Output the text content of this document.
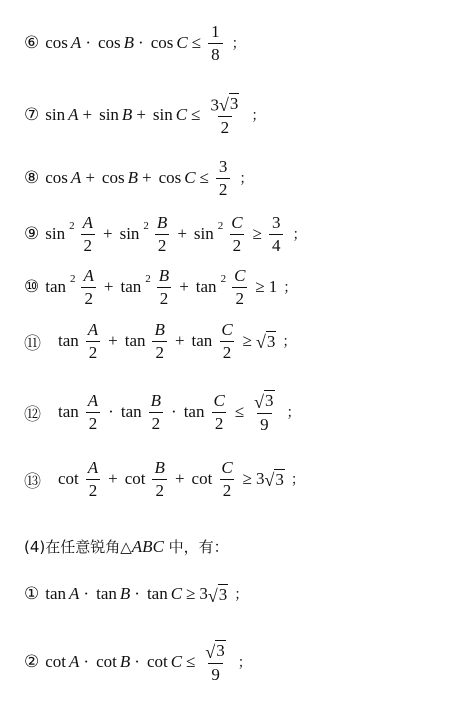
⑥ $\cos A \cdot \cos B \cdot \cos C \le \frac{1}{8}$ ；
⑦ $\sin A + \sin B + \sin C \le \frac{3 √ 3}{2}$ ；
⑧ $\cos A + \cos B + \cos C \le \frac{3}{2}$ ；
⑨ $\sin 2 \frac{A}{2} + \sin 2 \frac{B}{2} + \sin 2 \frac{C}{2} \ge \frac{3}{4}$ ；
⑩ $\tan 2 \frac{A}{2} + \tan 2 \frac{B}{2} + \tan 2 \frac{C}{2} \ge 1$ ；
⑪ $\tan \frac{A}{2} + \tan \frac{B}{2} + \tan \frac{C}{2}$ ≥ √ 3 ；
⑫ $\tan \frac{A}{2} \cdot \tan \frac{B}{2} \cdot \tan \frac{C}{2} \le \frac{√ 3}{9}$ ；
⑬ $\cot \frac{A}{2} + \cot \frac{B}{2} + \cot \frac{C}{2} \ge 3$ √ 3 ；
(4)在任意锐角△ABC 中，有：
① tan A · tan B · tan C ≥ 3 √ 3 ；
② $\cot A \cdot \cot B \cdot \cot C \le \frac{√ 3}{9}$ ；
